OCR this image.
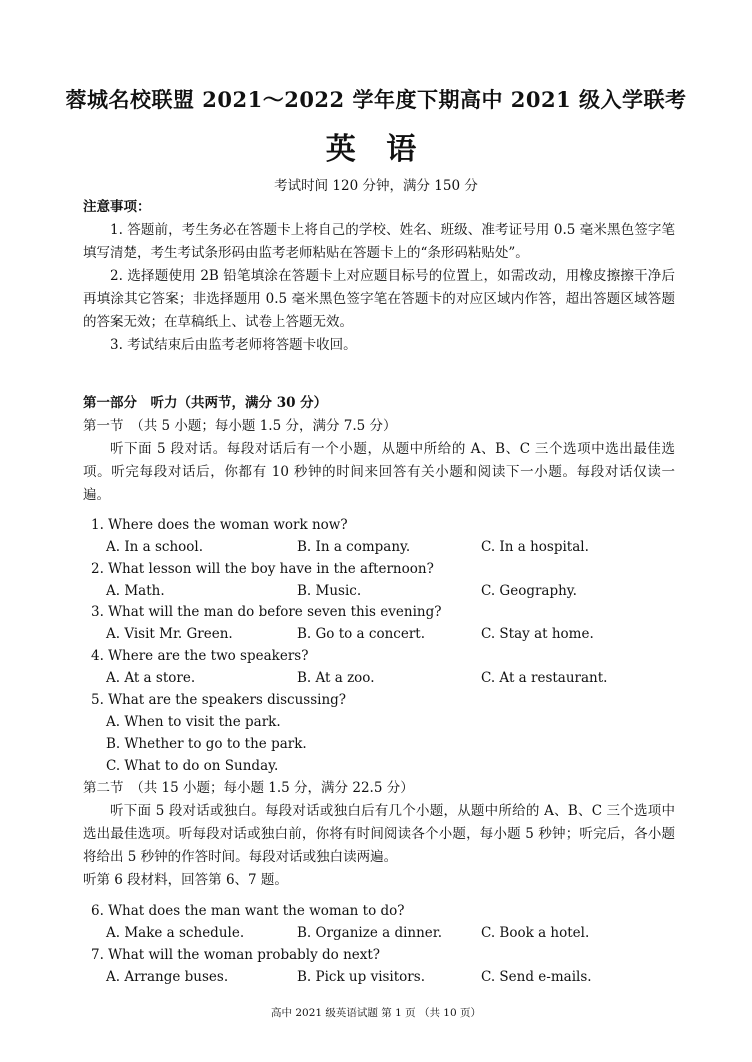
蓉城名校联盟 2021～2022 学年度下期高中 2021 级入学联考
英 语
考试时间 120 分钟，满分 150 分
注意事项：
1. 答题前，考生务必在答题卡上将自己的学校、姓名、班级、准考证号用 0.5 毫米黑色签字笔填写清楚，考生考试条形码由监考老师粘贴在答题卡上的“条形码粘贴处”。
2. 选择题使用 2B 铅笔填涂在答题卡上对应题目标号的位置上，如需改动，用橡皮擦擦干净后再填涂其它答案；非选择题用 0.5 毫米黑色签字笔在答题卡的对应区域内作答，超出答题区域答题的答案无效；在草稿纸上、试卷上答题无效。
3. 考试结束后由监考老师将答题卡收回。
第一部分　听力（共两节，满分 30 分）
第一节　（共 5 小题；每小题 1.5 分，满分 7.5 分）
听下面 5 段对话。每段对话后有一个小题，从题中所给的 A、B、C 三个选项中选出最佳选项。听完每段对话后，你都有 10 秒钟的时间来回答有关小题和阅读下一小题。每段对话仅读一遍。
1. Where does the woman work now?
A. In a school.	B. In a company.	C. In a hospital.
2. What lesson will the boy have in the afternoon?
A. Math.	B. Music.	C. Geography.
3. What will the man do before seven this evening?
A. Visit Mr. Green.	B. Go to a concert.	C. Stay at home.
4. Where are the two speakers?
A. At a store.	B. At a zoo.	C. At a restaurant.
5. What are the speakers discussing?
A. When to visit the park.
B. Whether to go to the park.
C. What to do on Sunday.
第二节　（共 15 小题；每小题 1.5 分，满分 22.5 分）
听下面 5 段对话或独白。每段对话或独白后有几个小题，从题中所给的 A、B、C 三个选项中选出最佳选项。听每段对话或独白前，你将有时间阅读各个小题，每小题 5 秒钟；听完后，各小题将给出 5 秒钟的作答时间。每段对话或独白读两遍。
听第 6 段材料，回答第 6、7 题。
6. What does the man want the woman to do?
A. Make a schedule.	B. Organize a dinner.	C. Book a hotel.
7. What will the woman probably do next?
A. Arrange buses.	B. Pick up visitors.	C. Send e-mails.
高中 2021 级英语试题 第 1 页 （共 10 页）
